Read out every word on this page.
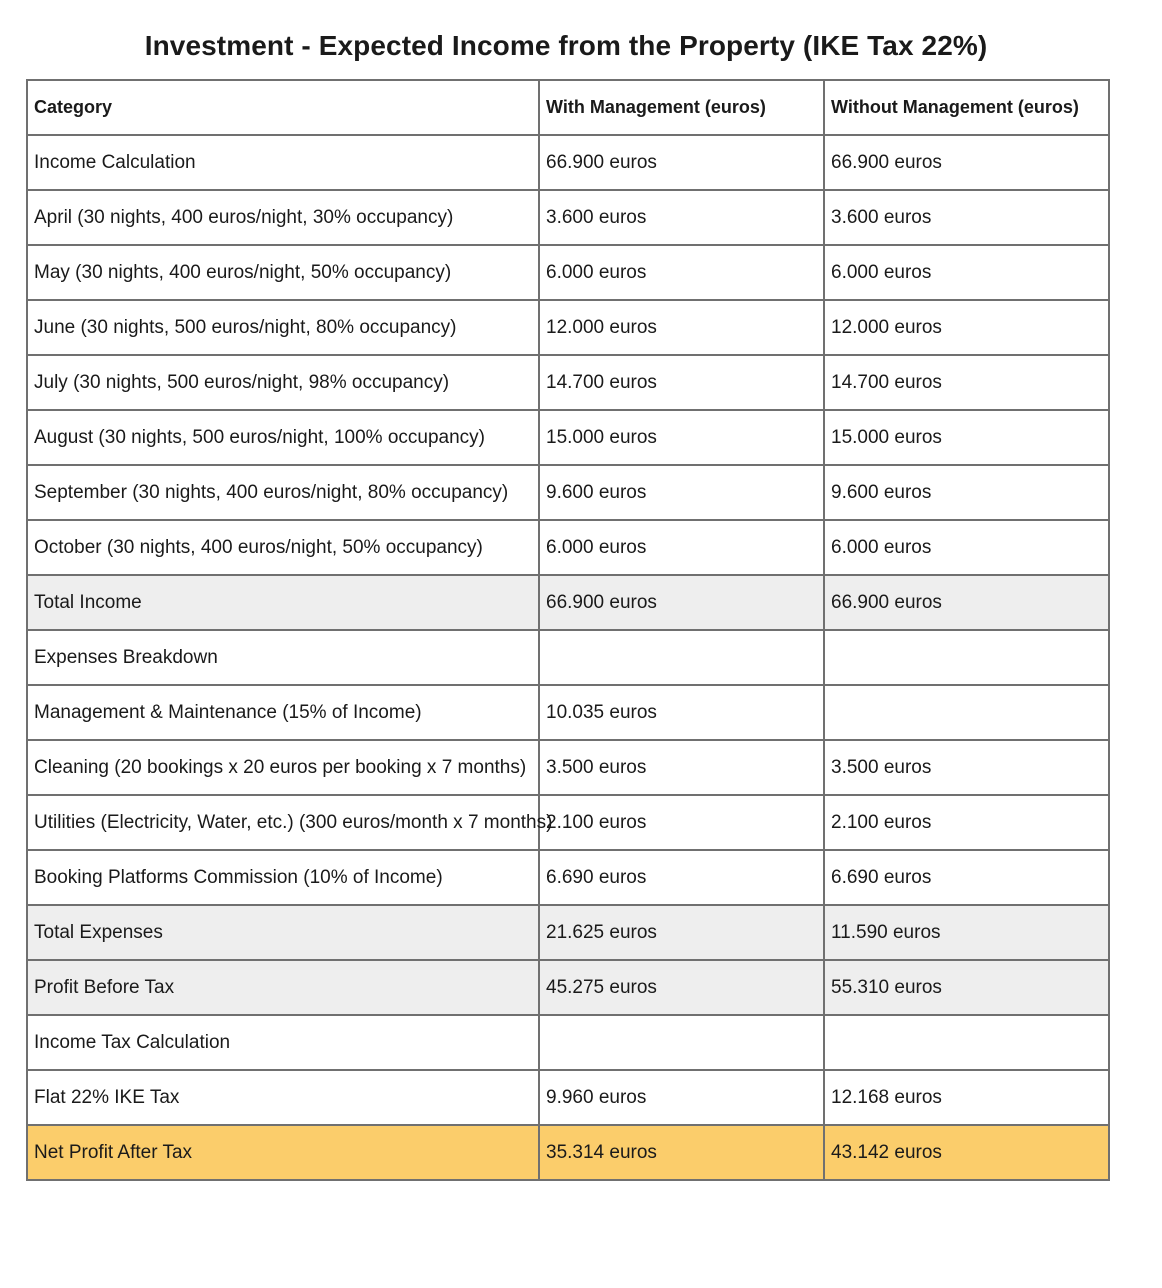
Investment - Expected Income from the Property (IKE Tax 22%)
Category	With Management (euros)	Without Management (euros)
Income Calculation	66.900 euros	66.900 euros
April (30 nights, 400 euros/night, 30% occupancy)	3.600 euros	3.600 euros
May (30 nights, 400 euros/night, 50% occupancy)	6.000 euros	6.000 euros
June (30 nights, 500 euros/night, 80% occupancy)	12.000 euros	12.000 euros
July (30 nights, 500 euros/night, 98% occupancy)	14.700 euros	14.700 euros
August (30 nights, 500 euros/night, 100% occupancy)	15.000 euros	15.000 euros
September (30 nights, 400 euros/night, 80% occupancy)	9.600 euros	9.600 euros
October (30 nights, 400 euros/night, 50% occupancy)	6.000 euros	6.000 euros
Total Income	66.900 euros	66.900 euros
Expenses Breakdown		
Management & Maintenance (15% of Income)	10.035 euros	
Cleaning (20 bookings x 20 euros per booking x 7 months)	3.500 euros	3.500 euros
Utilities (Electricity, Water, etc.) (300 euros/month x 7 months)	2.100 euros	2.100 euros
Booking Platforms Commission (10% of Income)	6.690 euros	6.690 euros
Total Expenses	21.625 euros	11.590 euros
Profit Before Tax	45.275 euros	55.310 euros
Income Tax Calculation		
Flat 22% IKE Tax	9.960 euros	12.168 euros
Net Profit After Tax	35.314 euros	43.142 euros
